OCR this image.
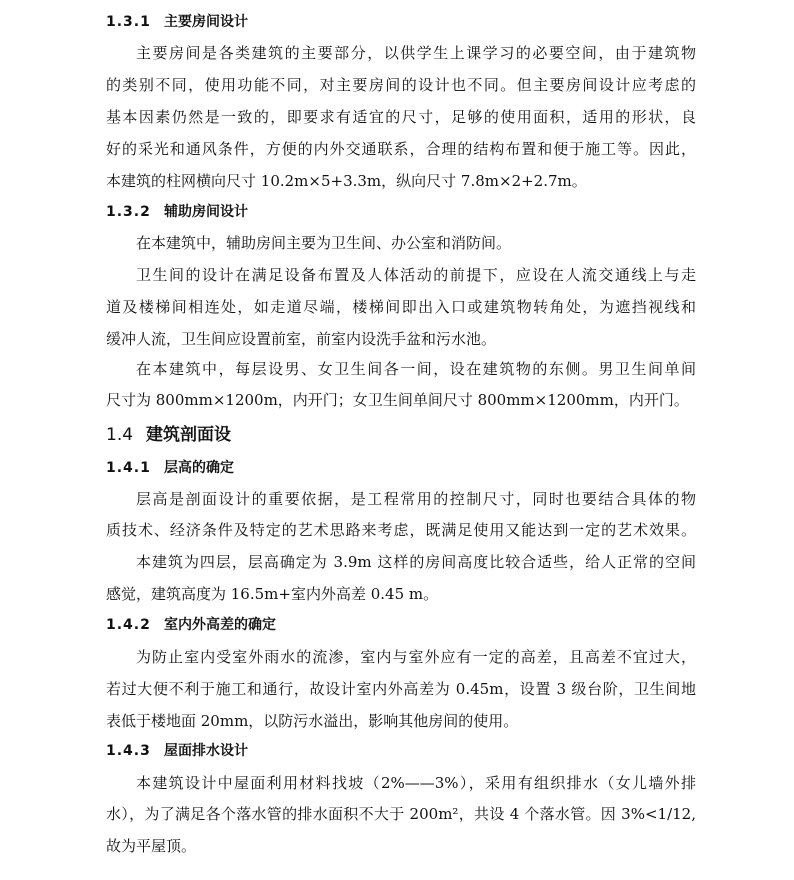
1.3.1 主要房间设计
主要房间是各类建筑的主要部分，以供学生上课学习的必要空间，由于建筑物
的类别不同，使用功能不同，对主要房间的设计也不同。但主要房间设计应考虑的
基本因素仍然是一致的，即要求有适宜的尺寸，足够的使用面积，适用的形状，良
好的采光和通风条件，方便的内外交通联系，合理的结构布置和便于施工等。因此，
本建筑的柱网横向尺寸 10.2m×5+3.3m，纵向尺寸 7.8m×2+2.7m。
1.3.2 辅助房间设计
在本建筑中，辅助房间主要为卫生间、办公室和消防间。
卫生间的设计在满足设备布置及人体活动的前提下，应设在人流交通线上与走
道及楼梯间相连处，如走道尽端，楼梯间即出入口或建筑物转角处，为遮挡视线和
缓冲人流，卫生间应设置前室，前室内设洗手盆和污水池。
在本建筑中，每层设男、女卫生间各一间，设在建筑物的东侧。男卫生间单间
尺寸为 800mm×1200m，内开门；女卫生间单间尺寸 800mm×1200mm，内开门。
1.4 建筑剖面设
1.4.1 层高的确定
层高是剖面设计的重要依据，是工程常用的控制尺寸，同时也要结合具体的物
质技术、经济条件及特定的艺术思路来考虑，既满足使用又能达到一定的艺术效果。
本建筑为四层，层高确定为 3.9m 这样的房间高度比较合适些，给人正常的空间
感觉，建筑高度为 16.5m+室内外高差 0.45 m。
1.4.2 室内外高差的确定
为防止室内受室外雨水的流渗，室内与室外应有一定的高差，且高差不宜过大，
若过大便不利于施工和通行，故设计室内外高差为 0.45m，设置 3 级台阶，卫生间地
表低于楼地面 20mm，以防污水溢出，影响其他房间的使用。
1.4.3 屋面排水设计
本建筑设计中屋面利用材料找坡（2%——3%），采用有组织排水（女儿墙外排
水），为了满足各个落水管的排水面积不大于 200m²，共设 4 个落水管。因 3%<1/12,
故为平屋顶。
